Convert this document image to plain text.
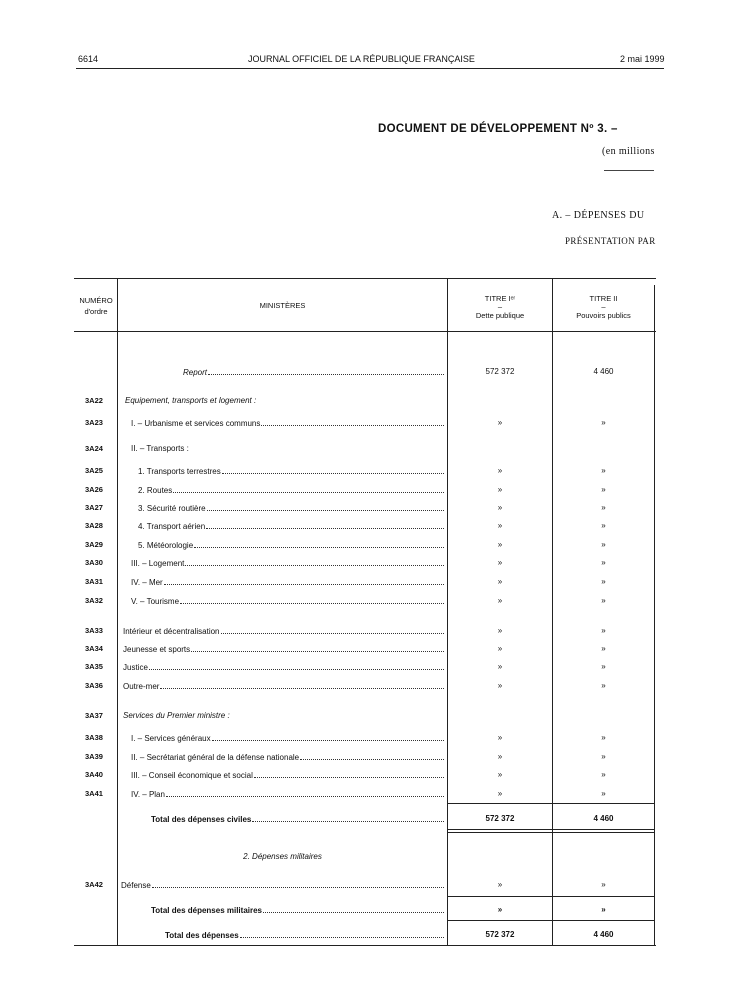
6614	JOURNAL OFFICIEL DE LA RÉPUBLIQUE FRANÇAISE	2 mai 1999
DOCUMENT DE DÉVELOPPEMENT Nº 3. –
(en millions
A. – DÉPENSES DU
PRÉSENTATION PAR
NUMÉRO d'ordre
MINISTÈRES
TITRE Iᵉʳ
–
Dette publique
TITRE II
–
Pouvoirs publics
Report	572 372	4 460
3A22	Equipement, transports et logement :
3A23	I. – Urbanisme et services communs	»	»
3A24	II. – Transports :
3A25	1. Transports terrestres	»	»
3A26	2. Routes	»	»
3A27	3. Sécurité routière	»	»
3A28	4. Transport aérien	»	»
3A29	5. Météorologie	»	»
3A30	III. – Logement	»	»
3A31	IV. – Mer	»	»
3A32	V. – Tourisme	»	»
3A33	Intérieur et décentralisation	»	»
3A34	Jeunesse et sports	»	»
3A35	Justice	»	»
3A36	Outre-mer	»	»
3A37	Services du Premier ministre :
3A38	I. – Services généraux	»	»
3A39	II. – Secrétariat général de la défense nationale	»	»
3A40	III. – Conseil économique et social	»	»
3A41	IV. – Plan	»	»
Total des dépenses civiles	572 372	4 460
2. Dépenses militaires
3A42	Défense	»	»
Total des dépenses militaires	»	»
Total des dépenses	572 372	4 460
